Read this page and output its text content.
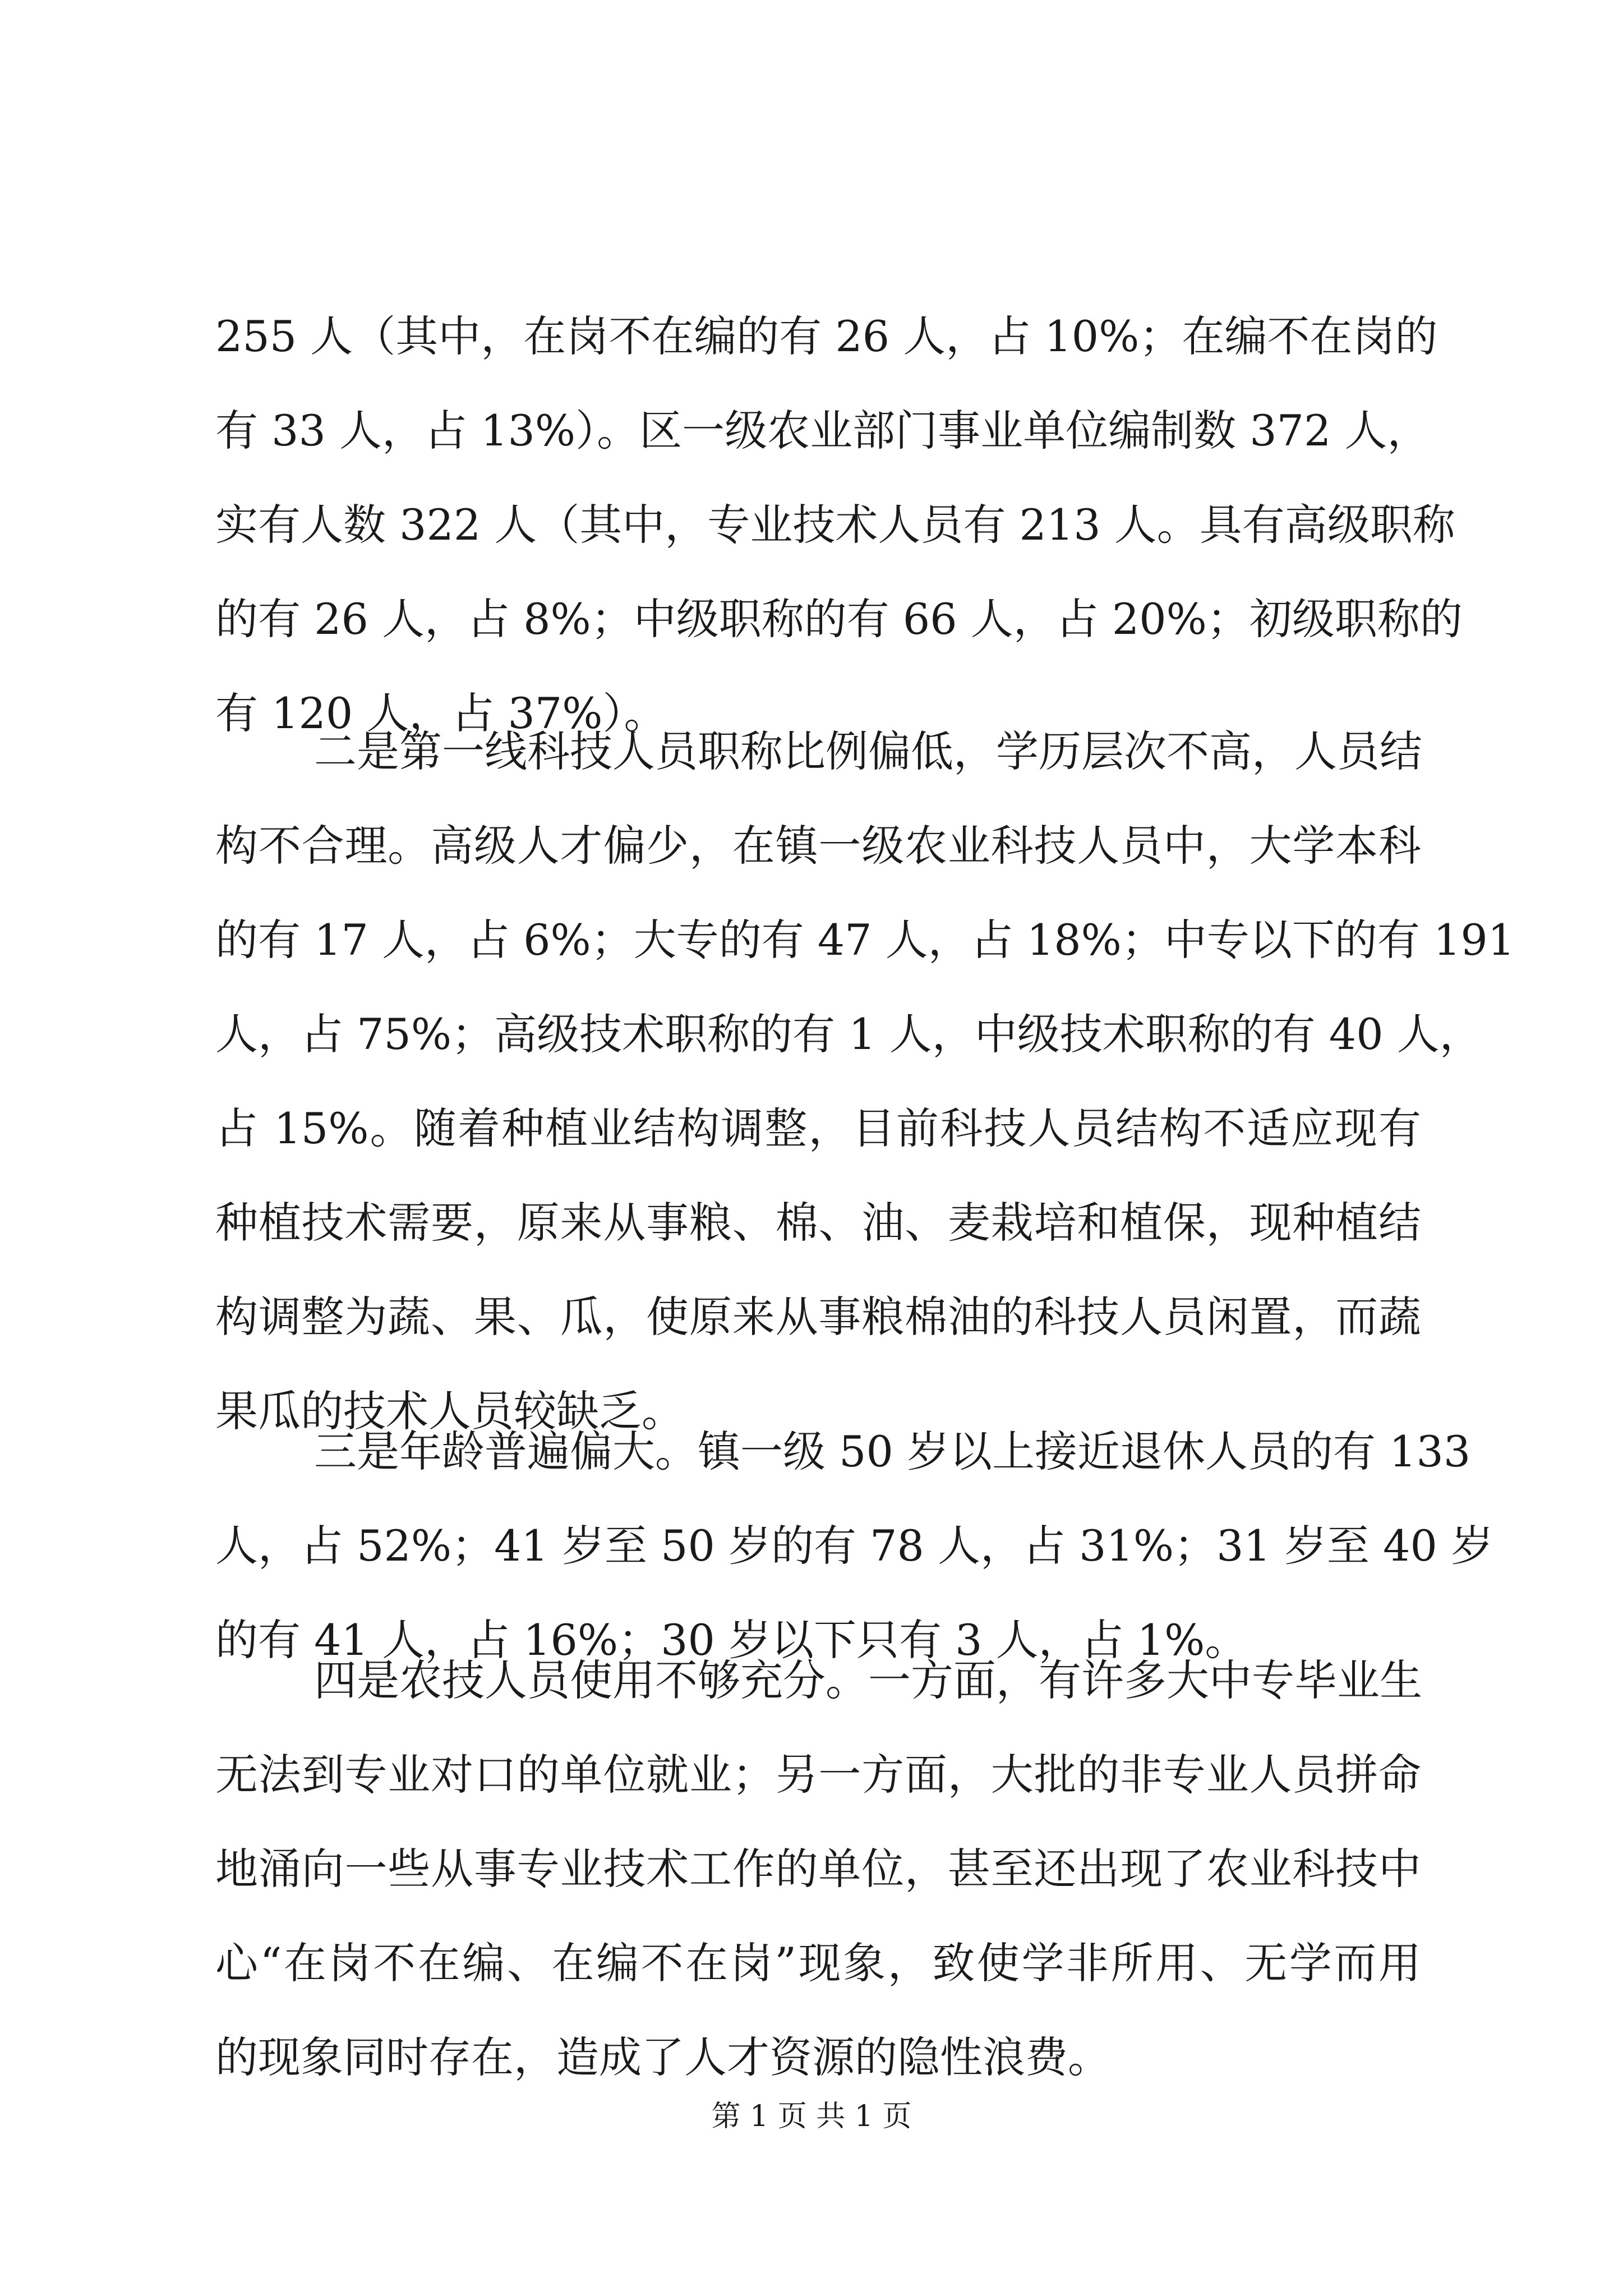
255 人（其中，在岗不在编的有 26 人，占 10%；在编不在岗的
有 33 人，占 13%）。区一级农业部门事业单位编制数 372 人，
实有人数 322 人（其中，专业技术人员有 213 人。具有高级职称
的有 26 人，占 8%；中级职称的有 66 人，占 20%；初级职称的
有 120 人，占 37%）。
二是第一线科技人员职称比例偏低，学历层次不高，人员结
构不合理。高级人才偏少，在镇一级农业科技人员中，大学本科
的有 17 人，占 6%；大专的有 47 人，占 18%；中专以下的有 191
人，占 75%；高级技术职称的有 1 人，中级技术职称的有 40 人，
占 15%。随着种植业结构调整，目前科技人员结构不适应现有
种植技术需要，原来从事粮、棉、油、麦栽培和植保，现种植结
构调整为蔬、果、瓜，使原来从事粮棉油的科技人员闲置，而蔬
果瓜的技术人员较缺乏。
三是年龄普遍偏大。镇一级 50 岁以上接近退休人员的有 133
人，占 52%；41 岁至 50 岁的有 78 人，占 31%；31 岁至 40 岁
的有 41 人，占 16%；30 岁以下只有 3 人，占 1%。
四是农技人员使用不够充分。一方面，有许多大中专毕业生
无法到专业对口的单位就业；另一方面，大批的非专业人员拼命
地涌向一些从事专业技术工作的单位，甚至还出现了农业科技中
心“在岗不在编、在编不在岗”现象，致使学非所用、无学而用
的现象同时存在，造成了人才资源的隐性浪费。
第 1 页 共 1 页
